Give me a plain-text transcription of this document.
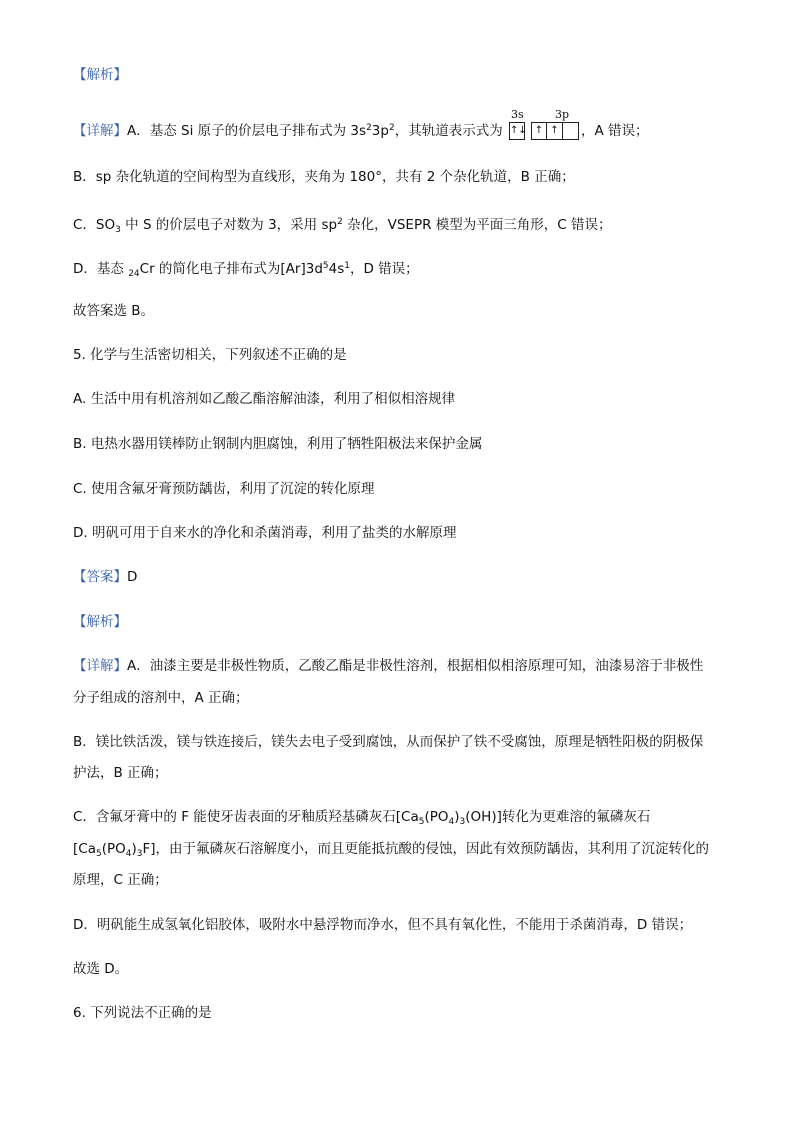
【解析】
【详解】A．基态 Si 原子的价层电子排布式为 $3s^23p^2$，其轨道表示式为
3s	3p
↑↓ ↑ ↑ ，A 错误；
B．sp 杂化轨道的空间构型为直线形，夹角为 180°，共有 2 个杂化轨道，B 正确；
C．$SO_3$ 中 S 的价层电子对数为 3，采用 $sp^2$ 杂化，VSEPR 模型为平面三角形，C 错误；
D．基态 $_{24}$Cr 的简化电子排布式为$[Ar]3d^54s^1$，D 错误；
故答案选 B。
5. 化学与生活密切相关，下列叙述不正确的是
A. 生活中用有机溶剂如乙酸乙酯溶解油漆，利用了相似相溶规律
B. 电热水器用镁棒防止钢制内胆腐蚀，利用了牺牲阳极法来保护金属
C. 使用含氟牙膏预防龋齿，利用了沉淀的转化原理
D. 明矾可用于自来水的净化和杀菌消毒，利用了盐类的水解原理
【答案】D
【解析】
【详解】A．油漆主要是非极性物质，乙酸乙酯是非极性溶剂，根据相似相溶原理可知，油漆易溶于非极性
分子组成的溶剂中，A 正确；
B．镁比铁活泼，镁与铁连接后，镁失去电子受到腐蚀，从而保护了铁不受腐蚀，原理是牺牲阳极的阴极保
护法，B 正确；
C．含氟牙膏中的 F 能使牙齿表面的牙釉质羟基磷灰石$[Ca_5(PO_4)_3(OH)]$转化为更难溶的氟磷灰石
$[Ca_5(PO_4)_3F]$，由于氟磷灰石溶解度小，而且更能抵抗酸的侵蚀，因此有效预防龋齿，其利用了沉淀转化的
原理，C 正确；
D．明矾能生成氢氧化铝胶体，吸附水中悬浮物而净水，但不具有氧化性，不能用于杀菌消毒，D 错误；
故选 D。
6. 下列说法不正确的是
